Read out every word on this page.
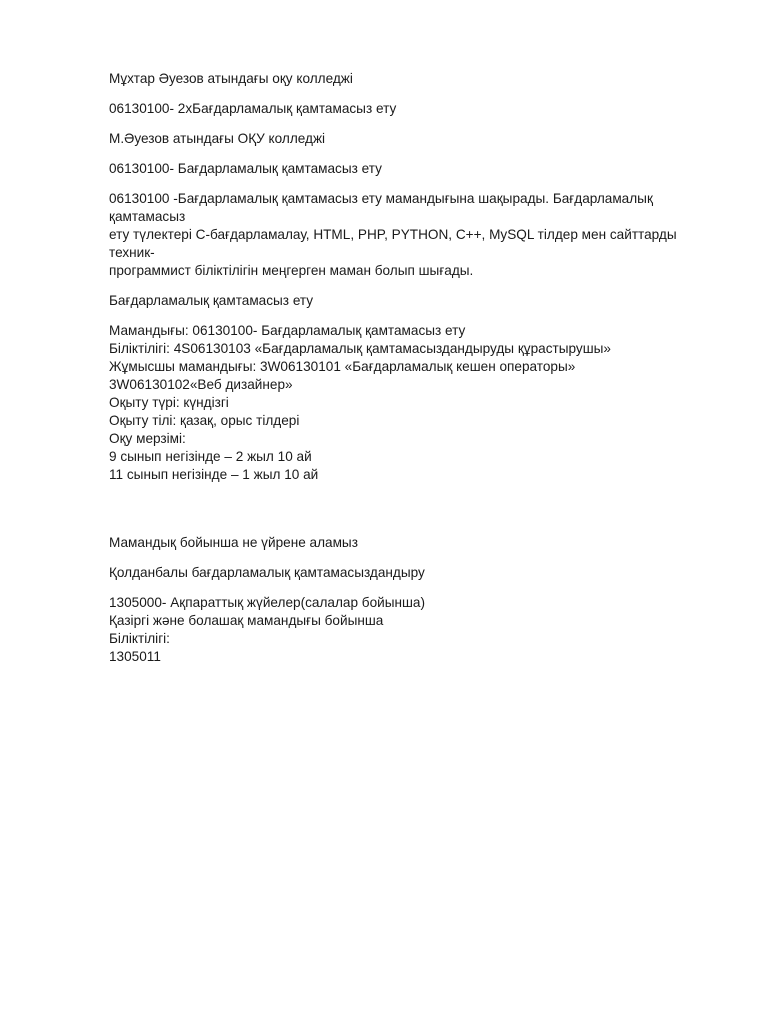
Мұхтар Әуезов атындағы оқу колледжі

06130100- 2хБағдарламалық қамтамасыз ету

М.Әуезов атындағы ОҚУ колледжі

06130100- Бағдарламалық қамтамасыз ету

06130100 -Бағдарламалық қамтамасыз ету мамандығына шақырады. Бағдарламалық қамтамасыз
ету түлектері С-бағдарламалау, HTML, PHP, PYTHON, C++, MySQL тілдер мен сайттарды техник-
программист біліктілігін меңгерген маман болып шығады.

Бағдарламалық қамтамасыз ету

Мамандығы: 06130100- Бағдарламалық қамтамасыз ету
Біліктілігі: 4S06130103 «Бағдарламалық қамтамасыздандыруды құрастырушы»
Жұмысшы мамандығы: 3W06130101 «Бағдарламалық кешен операторы»
3W06130102«Веб дизайнер»
Оқыту түрі: күндізгі
Оқыту тілі: қазақ, орыс тілдері
Оқу мерзімі:
9 сынып негізінде – 2 жыл 10 ай
11 сынып негізінде – 1 жыл 10 ай

Мамандық бойынша не үйрене аламыз

Қолданбалы бағдарламалық қамтамасыздандыру

1305000- Ақпараттық жүйелер(салалар бойынша)
Қазіргі және болашақ мамандығы бойынша
Біліктілігі:
1305011
